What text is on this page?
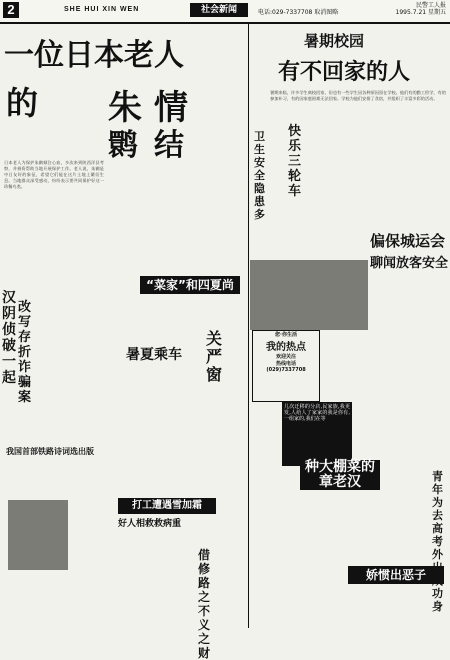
2	SHE HUI XIN WEN	社会新闻	电话:029-7337708 取消图略
民警工人报
1995.7.21 星期五
一位日本老人
的 朱 情
鹮 结
日本老人为保护朱鹮倾注心血，多次来到陕西洋县考察，并捐资帮助当地开展保护工作。老人说，朱鹮是中日友好的象征，希望它们能在这片土地上繁衍生息。当地群众深受感动，纷纷表示要共同保护好这一珍稀鸟类。
暑期校园
有不回家的人
暑期来临，许多学生离校回家，但也有一些学生因各种原因留在学校。他们有的勤工俭学，有的参加补习，有的因家庭困难无法回家。学校为他们安排了食宿，并组织了丰富多彩的活动。
快乐三轮车
卫生安全隐患多
偏保城运会
聊闻放客安全
“菜家”和四夏尚
汉阴侦破一起
改写存折诈骗案
暑夏乘车
关严窗
您·你生活
我的热点
欢迎关注
热线电话
(029)7337708
我国首部铁路诗词选出版
打工遭遇雪加霜
好人相救救病重
借修路之不义之财
儿次迁移的分店,民家族,我更发,人给人了家家的我是你有,一组家的,我们在等
种大棚菜的章老汉	青年为去高考外 功身
娇惯出恶子
